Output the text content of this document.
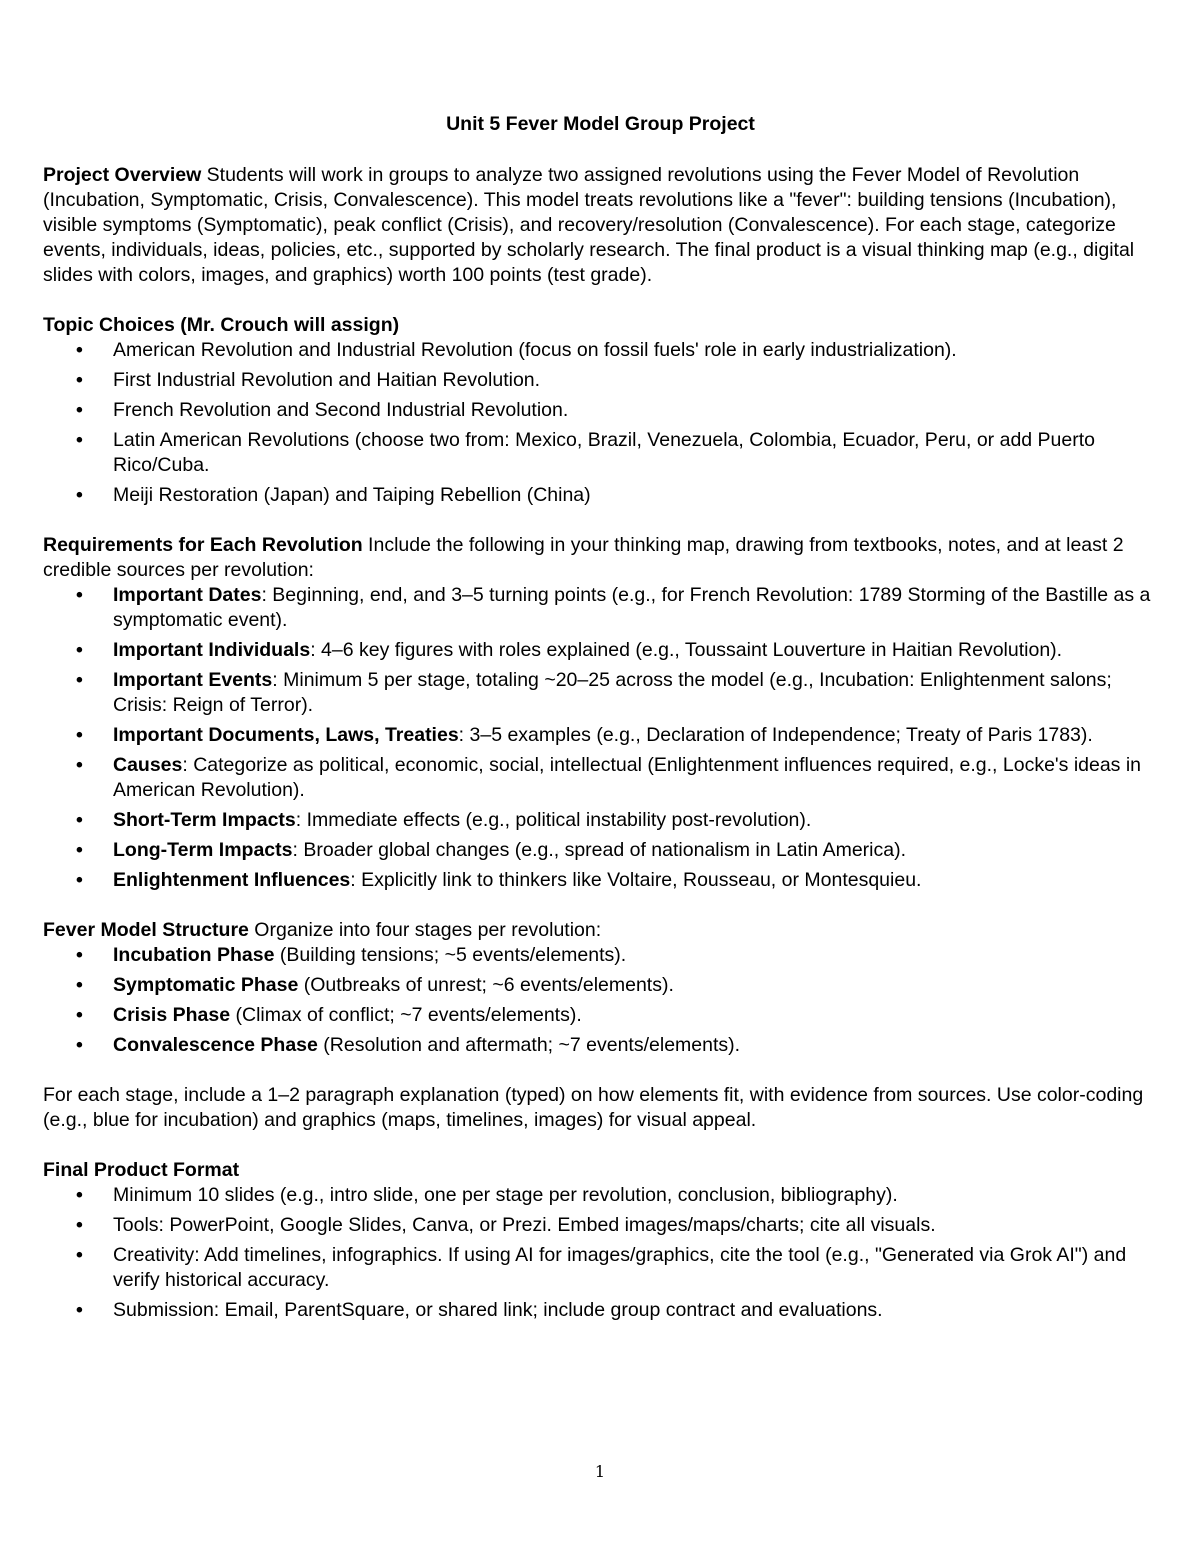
Unit 5 Fever Model Group Project

Project Overview Students will work in groups to analyze two assigned revolutions using the Fever Model of Revolution (Incubation, Symptomatic, Crisis, Convalescence). This model treats revolutions like a "fever": building tensions (Incubation), visible symptoms (Symptomatic), peak conflict (Crisis), and recovery/resolution (Convalescence). For each stage, categorize events, individuals, ideas, policies, etc., supported by scholarly research. The final product is a visual thinking map (e.g., digital slides with colors, images, and graphics) worth 100 points (test grade).

Topic Choices (Mr. Crouch will assign)

• American Revolution and Industrial Revolution (focus on fossil fuels' role in early industrialization).
• First Industrial Revolution and Haitian Revolution.
• French Revolution and Second Industrial Revolution.
• Latin American Revolutions (choose two from: Mexico, Brazil, Venezuela, Colombia, Ecuador, Peru, or add Puerto Rico/Cuba.
• Meiji Restoration (Japan) and Taiping Rebellion (China)

Requirements for Each Revolution Include the following in your thinking map, drawing from textbooks, notes, and at least 2 credible sources per revolution:

• Important Dates: Beginning, end, and 3–5 turning points (e.g., for French Revolution: 1789 Storming of the Bastille as a symptomatic event).
• Important Individuals: 4–6 key figures with roles explained (e.g., Toussaint Louverture in Haitian Revolution).
• Important Events: Minimum 5 per stage, totaling ~20–25 across the model (e.g., Incubation: Enlightenment salons; Crisis: Reign of Terror).
• Important Documents, Laws, Treaties: 3–5 examples (e.g., Declaration of Independence; Treaty of Paris 1783).
• Causes: Categorize as political, economic, social, intellectual (Enlightenment influences required, e.g., Locke's ideas in American Revolution).
• Short-Term Impacts: Immediate effects (e.g., political instability post-revolution).
• Long-Term Impacts: Broader global changes (e.g., spread of nationalism in Latin America).
• Enlightenment Influences: Explicitly link to thinkers like Voltaire, Rousseau, or Montesquieu.

Fever Model Structure Organize into four stages per revolution:

• Incubation Phase (Building tensions; ~5 events/elements).
• Symptomatic Phase (Outbreaks of unrest; ~6 events/elements).
• Crisis Phase (Climax of conflict; ~7 events/elements).
• Convalescence Phase (Resolution and aftermath; ~7 events/elements).

For each stage, include a 1–2 paragraph explanation (typed) on how elements fit, with evidence from sources. Use color-coding (e.g., blue for incubation) and graphics (maps, timelines, images) for visual appeal.

Final Product Format

• Minimum 10 slides (e.g., intro slide, one per stage per revolution, conclusion, bibliography).
• Tools: PowerPoint, Google Slides, Canva, or Prezi. Embed images/maps/charts; cite all visuals.
• Creativity: Add timelines, infographics. If using AI for images/graphics, cite the tool (e.g., "Generated via Grok AI") and verify historical accuracy.
• Submission: Email, ParentSquare, or shared link; include group contract and evaluations.
1
